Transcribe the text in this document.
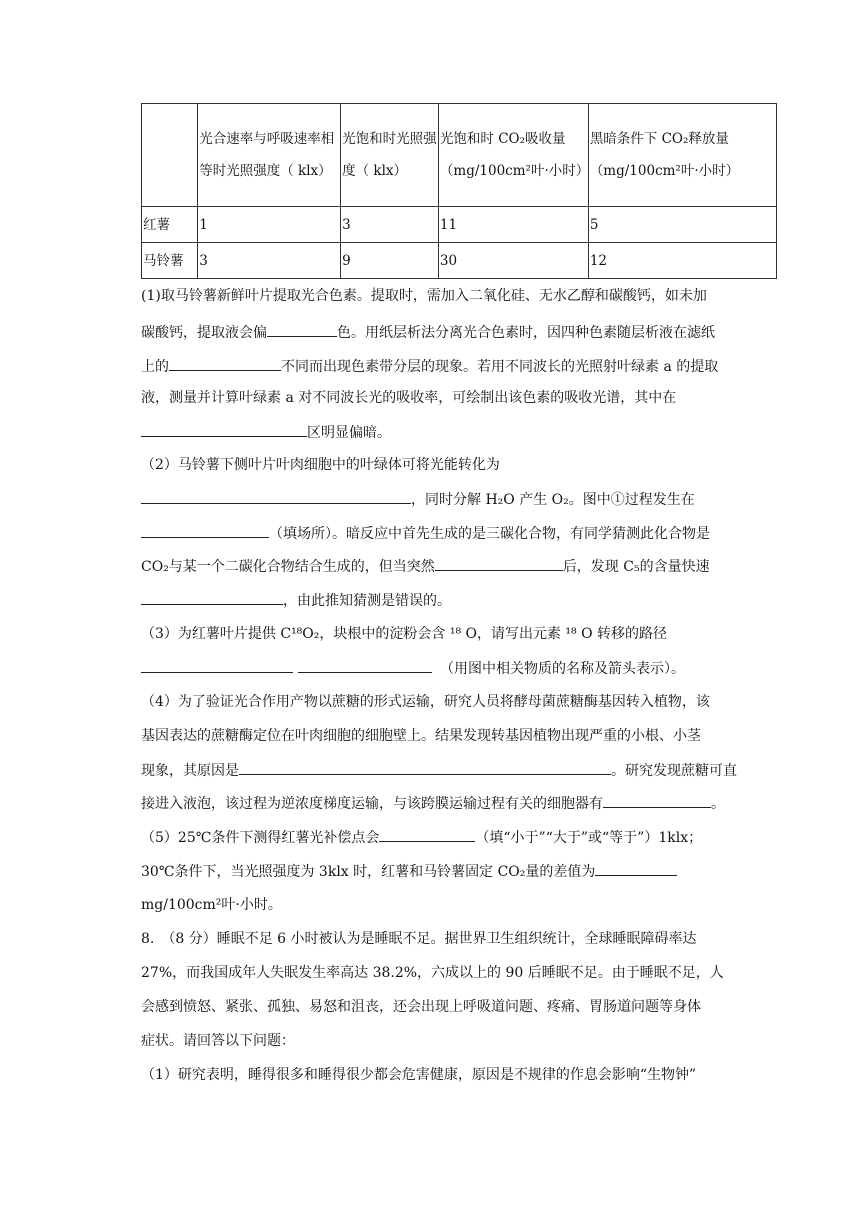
	光合速率与呼吸速率相等时光照强度（ klx）	光饱和时光照强度（ klx）	光饱和时 CO₂吸收量（mg/100cm²叶·小时）	黑暗条件下 CO₂释放量（mg/100cm²叶·小时）
红薯	1	3	11	5
马铃薯	3	9	30	12
(1)取马铃薯新鲜叶片提取光合色素。提取时，需加入二氧化硅、无水乙醇和碳酸钙，如未加
碳酸钙，提取液会偏	色。用纸层析法分离光合色素时，因四种色素随层析液在滤纸
上的	不同而出现色素带分层的现象。若用不同波长的光照射叶绿素 a 的提取
液，测量并计算叶绿素 a 对不同波长光的吸收率，可绘制出该色素的吸收光谱，其中在
区明显偏暗。
（2）马铃薯下侧叶片叶肉细胞中的叶绿体可将光能转化为
，同时分解 H₂O 产生 O₂。图中①过程发生在
（填场所）。暗反应中首先生成的是三碳化合物，有同学猜测此化合物是
CO₂与某一个二碳化合物结合生成的，但当突然	后，发现 C₅的含量快速
，由此推知猜测是错误的。
（3）为红薯叶片提供 C¹⁸O₂，块根中的淀粉会含 ¹⁸ O，请写出元素 ¹⁸ O 转移的路径
（用图中相关物质的名称及箭头表示）。
（4）为了验证光合作用产物以蔗糖的形式运输，研究人员将酵母菌蔗糖酶基因转入植物，该
基因表达的蔗糖酶定位在叶肉细胞的细胞壁上。结果发现转基因植物出现严重的小根、小茎
现象，其原因是	。研究发现蔗糖可直
接进入液泡，该过程为逆浓度梯度运输，与该跨膜运输过程有关的细胞器有	。
（5）25℃条件下测得红薯光补偿点会	（填“小于”“大于”或“等于”）1klx；
30℃条件下，当光照强度为 3klx 时，红薯和马铃薯固定 CO₂量的差值为
mg/100cm²叶·小时。
8.　（8 分）睡眠不足 6 小时被认为是睡眠不足。据世界卫生组织统计，全球睡眠障碍率达
27%，而我国成年人失眠发生率高达 38.2%，六成以上的 90 后睡眠不足。由于睡眠不足，人
会感到愤怒、紧张、孤独、易怒和沮丧，还会出现上呼吸道问题、疼痛、胃肠道问题等身体
症状。请回答以下问题：
（1）研究表明，睡得很多和睡得很少都会危害健康，原因是不规律的作息会影响“生物钟”
